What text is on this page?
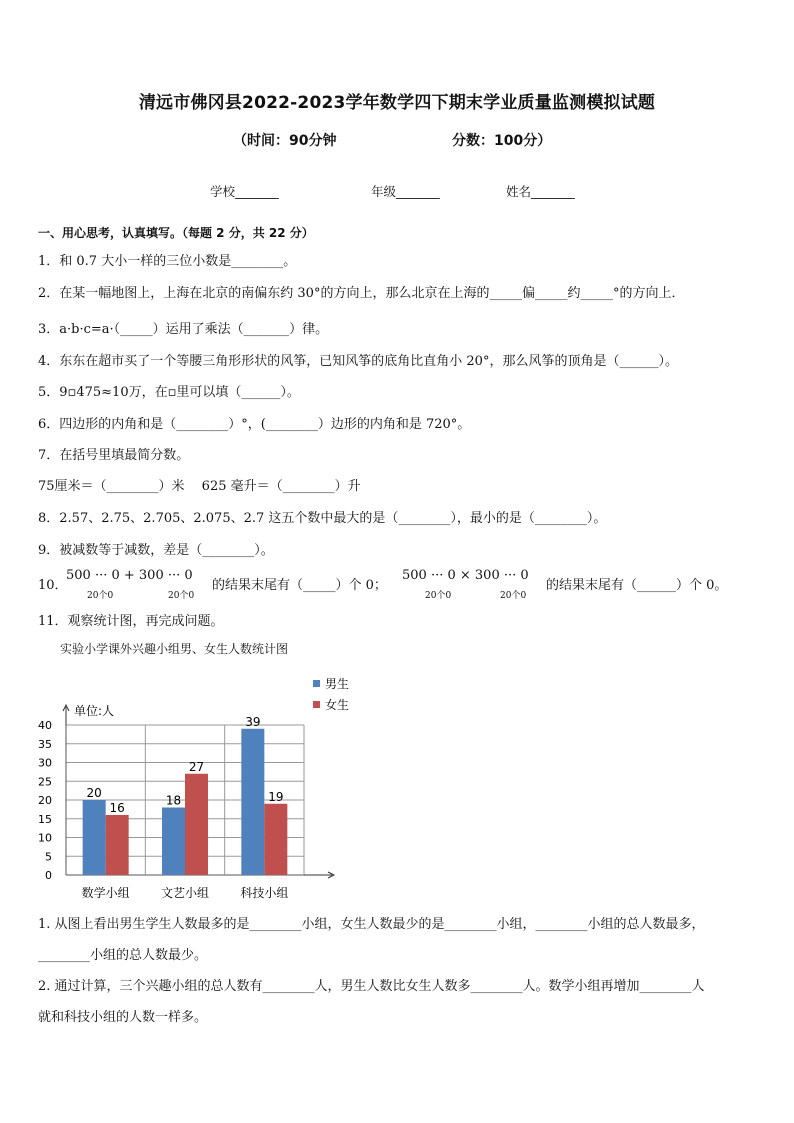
清远市佛冈县2022-2023学年数学四下期末学业质量监测模拟试题
（时间：90分钟	分数：100分）
学校_______	年级_______	姓名_______
一、用心思考，认真填写。（每题 2 分，共 22 分）
1．和 0.7 大小一样的三位小数是________。
2．在某一幅地图上，上海在北京的南偏东约 30°的方向上，那么北京在上海的_____偏_____约_____°的方向上．
3．a·b·c=a·（_____）运用了乘法（_______）律。
4．东东在超市买了一个等腰三角形形状的风筝，已知风筝的底角比直角小 20°，那么风筝的顶角是（______）。
5．9▫475≈10万，在▫里可以填（______）。
6．四边形的内角和是（________）°，(________）边形的内角和是 720°。
7．在括号里填最简分数。
75厘米＝（________）米　 625 毫升＝（________）升
8．2.57、2.75、2.705、2.075、2.7 这五个数中最大的是（________），最小的是（________）。
9．被减数等于减数，差是（________）。
10．
500 ··· 0 + 300 ··· 0
20个0	20个0
的结果末尾有（_____）个 0；
500 ··· 0 × 300 ··· 0
20个0	20个0
的结果末尾有（______）个 0。
11．观察统计图，再完成问题。
实验小学课外兴趣小组男、女生人数统计图
0
5
10
15
20
25
30
35
40
20
16
数学小组
18
27
文艺小组
39
19
科技小组
单位:人
男生
女生
1. 从图上看出男生学生人数最多的是________小组，女生人数最少的是________小组，________小组的总人数最多，
________小组的总人数最少。
2. 通过计算，三个兴趣小组的总人数有________人，男生人数比女生人数多________人。数学小组再增加________人
就和科技小组的人数一样多。
